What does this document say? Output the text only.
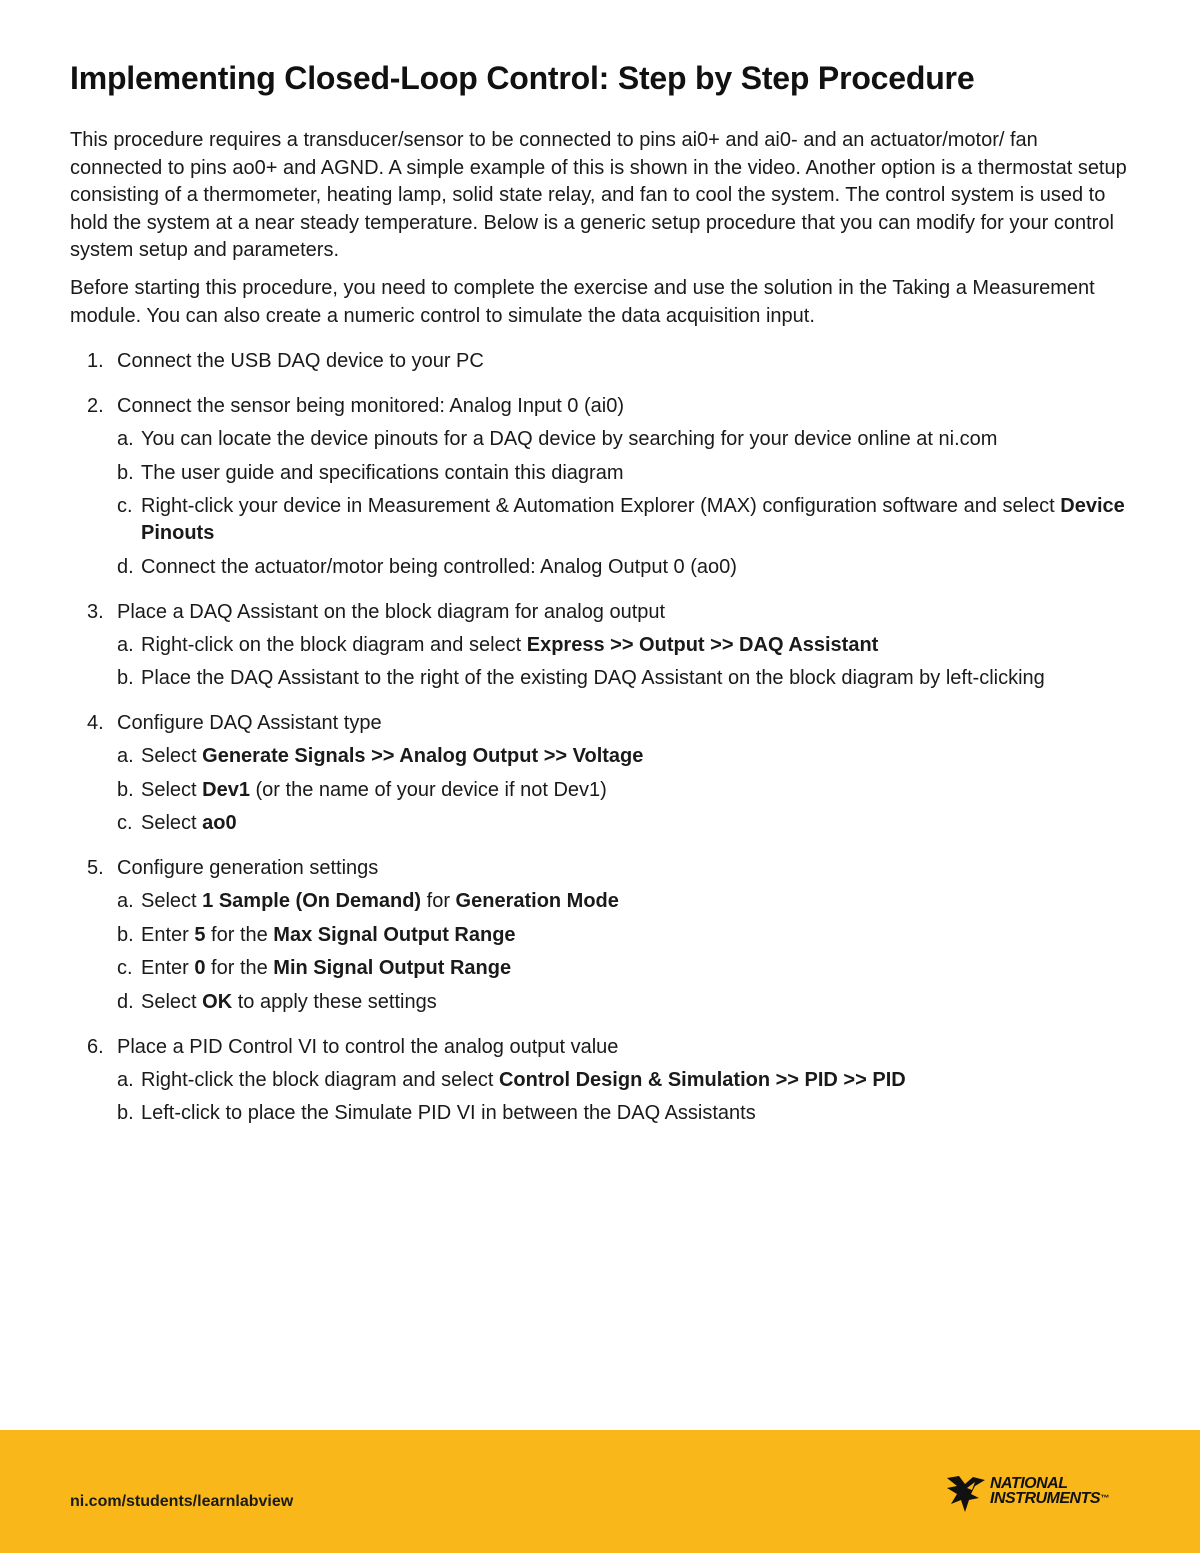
Implementing Closed-Loop Control: Step by Step Procedure

This procedure requires a transducer/sensor to be connected to pins ai0+ and ai0- and an actuator/motor/ fan connected to pins ao0+ and AGND. A simple example of this is shown in the video. Another option is a thermostat setup consisting of a thermometer, heating lamp, solid state relay, and fan to cool the system. The control system is used to hold the system at a near steady temperature. Below is a generic setup procedure that you can modify for your control system setup and parameters.

Before starting this procedure, you need to complete the exercise and use the solution in the Taking a Measurement module. You can also create a numeric control to simulate the data acquisition input.

1. Connect the USB DAQ device to your PC
2. Connect the sensor being monitored: Analog Input 0 (ai0)
a. You can locate the device pinouts for a DAQ device by searching for your device online at ni.com
b. The user guide and specifications contain this diagram
c. Right-click your device in Measurement & Automation Explorer (MAX) configuration software and select Device Pinouts
d. Connect the actuator/motor being controlled: Analog Output 0 (ao0)
3. Place a DAQ Assistant on the block diagram for analog output
a. Right-click on the block diagram and select Express >> Output >> DAQ Assistant
b. Place the DAQ Assistant to the right of the existing DAQ Assistant on the block diagram by left-clicking
4. Configure DAQ Assistant type
a. Select Generate Signals >> Analog Output >> Voltage
b. Select Dev1 (or the name of your device if not Dev1)
c. Select ao0
5. Configure generation settings
a. Select 1 Sample (On Demand) for Generation Mode
b. Enter 5 for the Max Signal Output Range
c. Enter 0 for the Min Signal Output Range
d. Select OK to apply these settings
6. Place a PID Control VI to control the analog output value
a. Right-click the block diagram and select Control Design & Simulation >> PID >> PID
b. Left-click to place the Simulate PID VI in between the DAQ Assistants
ni.com/students/learnlabview
NATIONAL
INSTRUMENTS™
